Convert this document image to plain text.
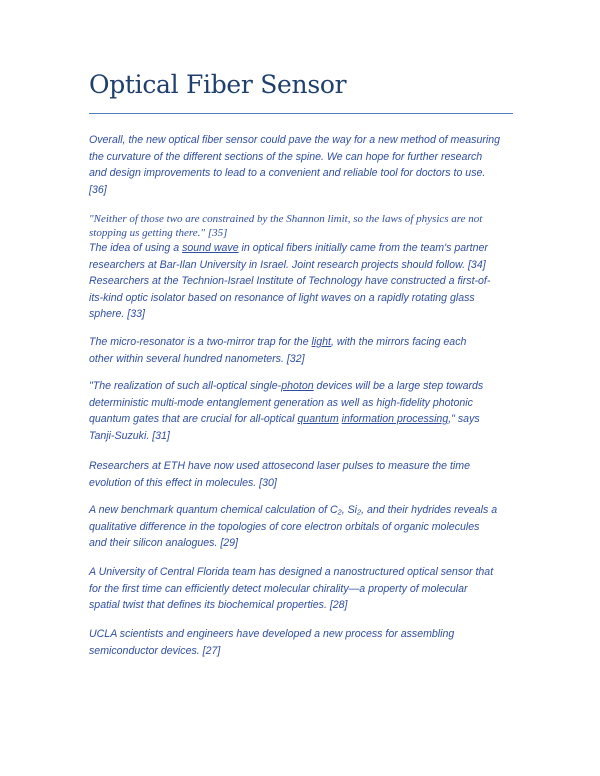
Optical Fiber Sensor

Overall, the new optical fiber sensor could pave the way for a new method of measuring
the curvature of the different sections of the spine. We can hope for further research
and design improvements to lead to a convenient and reliable tool for doctors to use.
[36]

"Neither of those two are constrained by the Shannon limit, so the laws of physics are not
stopping us getting there." [35]

The idea of using a sound wave in optical fibers initially came from the team's partner
researchers at Bar-Ilan University in Israel. Joint research projects should follow. [34]
Researchers at the Technion-Israel Institute of Technology have constructed a first-of-
its-kind optic isolator based on resonance of light waves on a rapidly rotating glass
sphere. [33]

The micro-resonator is a two-mirror trap for the light, with the mirrors facing each
other within several hundred nanometers. [32]

"The realization of such all-optical single-photon devices will be a large step towards
deterministic multi-mode entanglement generation as well as high-fidelity photonic
quantum gates that are crucial for all-optical quantum information processing," says
Tanji-Suzuki. [31]

Researchers at ETH have now used attosecond laser pulses to measure the time
evolution of this effect in molecules. [30]

A new benchmark quantum chemical calculation of C₂, Si₂, and their hydrides reveals a
qualitative difference in the topologies of core electron orbitals of organic molecules
and their silicon analogues. [29]

A University of Central Florida team has designed a nanostructured optical sensor that
for the first time can efficiently detect molecular chirality—a property of molecular
spatial twist that defines its biochemical properties. [28]

UCLA scientists and engineers have developed a new process for assembling
semiconductor devices. [27]
